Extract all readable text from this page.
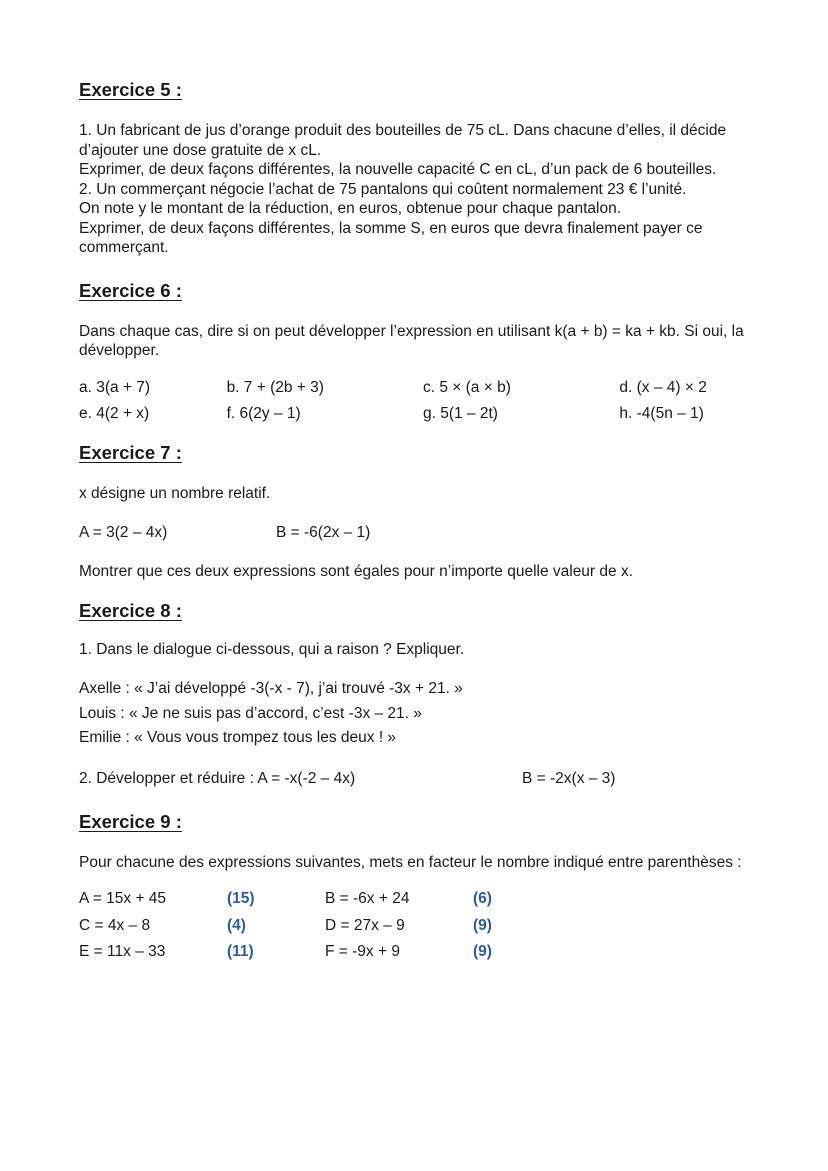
Exercice 5 :

1. Un fabricant de jus d’orange produit des bouteilles de 75 cL. Dans chacune d’elles, il décide d’ajouter une dose gratuite de x cL.

Exprimer, de deux façons différentes, la nouvelle capacité C en cL, d’un pack de 6 bouteilles.

2. Un commerçant négocie l’achat de 75 pantalons qui coûtent normalement 23 € l’unité.

On note y le montant de la réduction, en euros, obtenue pour chaque pantalon.

Exprimer, de deux façons différentes, la somme S, en euros que devra finalement payer ce commerçant.

Exercice 6 :

Dans chaque cas, dire si on peut développer l’expression en utilisant k(a + b) = ka + kb. Si oui, la développer.

a. 3(a + 7)	b. 7 + (2b + 3)	c. 5 × (a × b)	d. (x – 4) × 2
e. 4(2 + x)	f. 6(2y – 1)	g. 5(1 – 2t)	h. -4(5n – 1)
Exercice 7 :

x désigne un nombre relatif.

A = 3(2 – 4x)	B = -6(2x – 1)

Montrer que ces deux expressions sont égales pour n’importe quelle valeur de x.

Exercice 8 :

1. Dans le dialogue ci-dessous, qui a raison ? Expliquer.

Axelle : « J’ai développé -3(-x - 7), j’ai trouvé -3x + 21. »
Louis : « Je ne suis pas d’accord, c’est -3x – 21. »
Emilie : « Vous vous trompez tous les deux ! »
2. Développer et réduire : A = -x(-2 – 4x)	B = -2x(x – 3)
Exercice 9 :

Pour chacune des expressions suivantes, mets en facteur le nombre indiqué entre parenthèses :

A = 15x + 45	(15)	B = -6x + 24	(6)
C = 4x – 8	(4)	D = 27x – 9	(9)
E = 11x – 33	(11)	F = -9x + 9	(9)
